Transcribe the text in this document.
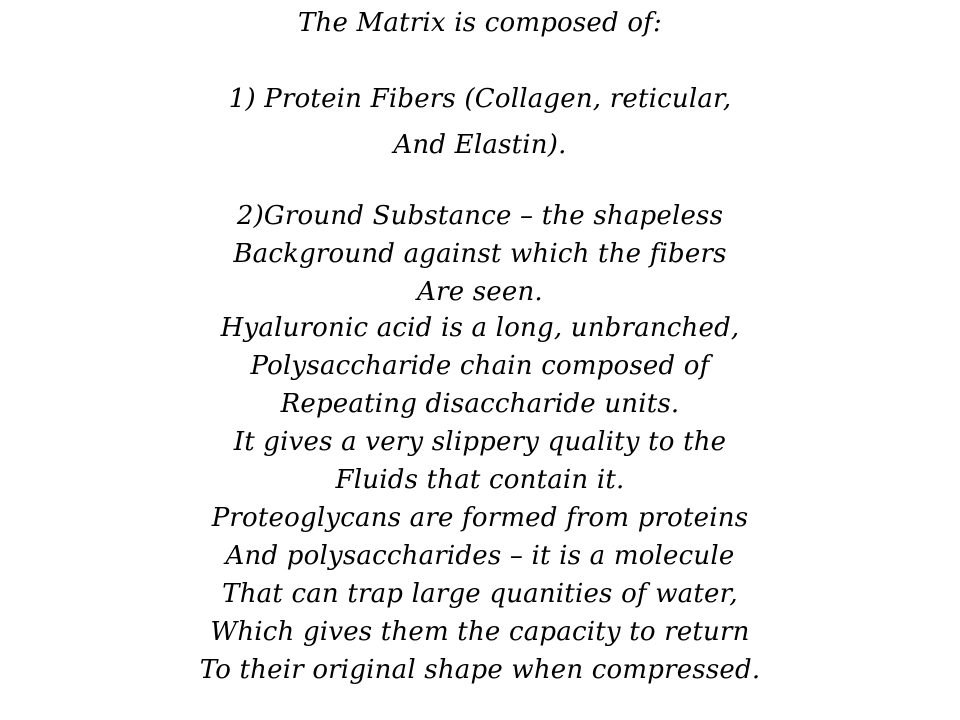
The Matrix is composed of:
1) Protein Fibers (Collagen, reticular,
And Elastin).
2)Ground Substance – the shapeless
Background against which the fibers
Are seen.
Hyaluronic acid is a long, unbranched,
Polysaccharide chain composed of
Repeating disaccharide units.
It gives a very slippery quality to the
Fluids that contain it.
Proteoglycans are formed from proteins
And polysaccharides – it is a molecule
That can trap large quanities of water,
Which gives them the capacity to return
To their original shape when compressed.
